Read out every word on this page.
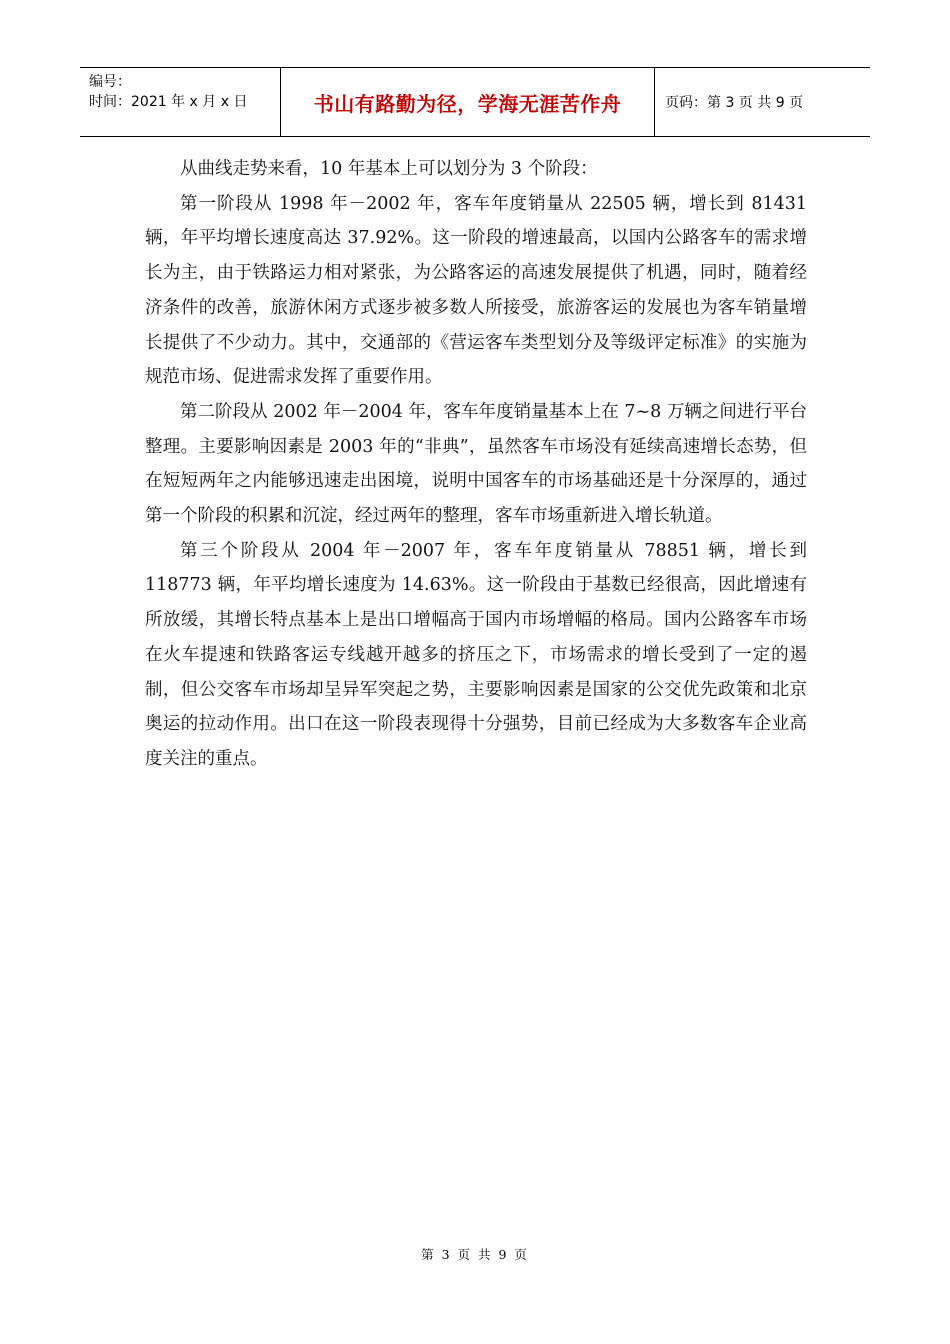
编号：
时间：2021 年 x 月 x 日	书山有路勤为径，学海无涯苦作舟	页码：第 3 页 共 9 页

从曲线走势来看，10 年基本上可以划分为 3 个阶段：

第一阶段从 1998 年－2002 年，客车年度销量从 22505 辆，增长到 81431 辆，年平均增长速度高达 37.92%。这一阶段的增速最高，以国内公路客车的需求增长为主，由于铁路运力相对紧张，为公路客运的高速发展提供了机遇，同时，随着经济条件的改善，旅游休闲方式逐步被多数人所接受，旅游客运的发展也为客车销量增长提供了不少动力。其中，交通部的《营运客车类型划分及等级评定标准》的实施为规范市场、促进需求发挥了重要作用。

第二阶段从 2002 年－2004 年，客车年度销量基本上在 7~8 万辆之间进行平台整理。主要影响因素是 2003 年的“非典”，虽然客车市场没有延续高速增长态势，但在短短两年之内能够迅速走出困境，说明中国客车的市场基础还是十分深厚的，通过第一个阶段的积累和沉淀，经过两年的整理，客车市场重新进入增长轨道。

第三个阶段从 2004 年－2007 年，客车年度销量从 78851 辆，增长到 118773 辆，年平均增长速度为 14.63%。这一阶段由于基数已经很高，因此增速有所放缓，其增长特点基本上是出口增幅高于国内市场增幅的格局。国内公路客车市场在火车提速和铁路客运专线越开越多的挤压之下，市场需求的增长受到了一定的遏制，但公交客车市场却呈异军突起之势，主要影响因素是国家的公交优先政策和北京奥运的拉动作用。出口在这一阶段表现得十分强势，目前已经成为大多数客车企业高度关注的重点。

第 3 页 共 9 页
